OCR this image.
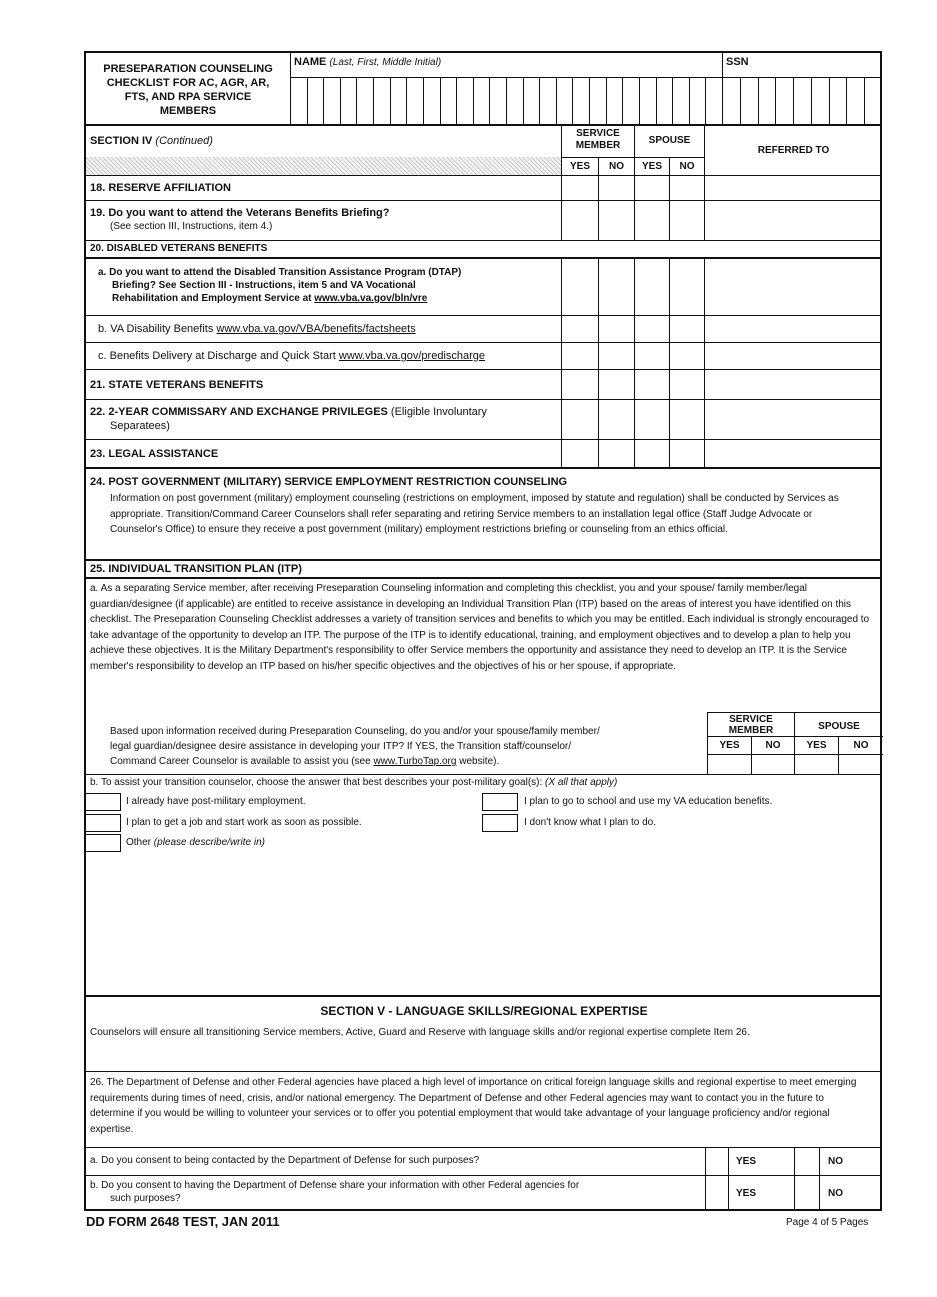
PRESEPARATION COUNSELING
CHECKLIST FOR AC, AGR, AR,
FTS, AND RPA SERVICE
MEMBERS
NAME (Last, First, Middle Initial)	SSN
SECTION IV (Continued)
SERVICE MEMBER	SPOUSE
YES	NO	YES	NO
REFERRED TO
18. RESERVE AFFILIATION
19. Do you want to attend the Veterans Benefits Briefing?
(See section III, Instructions, item 4.)
20. DISABLED VETERANS BENEFITS
a. Do you want to attend the Disabled Transition Assistance Program (DTAP)
Briefing? See Section III - Instructions, item 5 and VA Vocational
Rehabilitation and Employment Service at www.vba.va.gov/bln/vre
b. VA Disability Benefits www.vba.va.gov/VBA/benefits/factsheets
c. Benefits Delivery at Discharge and Quick Start www.vba.va.gov/predischarge
21. STATE VETERANS BENEFITS
22. 2-YEAR COMMISSARY AND EXCHANGE PRIVILEGES (Eligible Involuntary
Separatees)
23. LEGAL ASSISTANCE
24. POST GOVERNMENT (MILITARY) SERVICE EMPLOYMENT RESTRICTION COUNSELING
Information on post government (military) employment counseling (restrictions on employment, imposed by statute and regulation) shall be conducted by Services as appropriate. Transition/Command Career Counselors shall refer separating and retiring Service members to an installation legal office (Staff Judge Advocate or Counselor's Office) to ensure they receive a post government (military) employment restrictions briefing or counseling from an ethics official.
25. INDIVIDUAL TRANSITION PLAN (ITP)
a. As a separating Service member, after receiving Preseparation Counseling information and completing this checklist, you and your spouse/ family member/legal guardian/designee (if applicable) are entitled to receive assistance in developing an Individual Transition Plan (ITP) based on the areas of interest you have identified on this checklist. The Preseparation Counseling Checklist addresses a variety of transition services and benefits to which you may be entitled. Each individual is strongly encouraged to take advantage of the opportunity to develop an ITP. The purpose of the ITP is to identify educational, training, and employment objectives and to develop a plan to help you achieve these objectives. It is the Military Department's responsibility to offer Service members the opportunity and assistance they need to develop an ITP. It is the Service member's responsibility to develop an ITP based on his/her specific objectives and the objectives of his or her spouse, if appropriate.
Based upon information received during Preseparation Counseling, do you and/or your spouse/family member/
legal guardian/designee desire assistance in developing your ITP? If YES, the Transition staff/counselor/
Command Career Counselor is available to assist you (see www.TurboTap.org website).
SERVICE MEMBER	SPOUSE
YES	NO	YES	NO
b. To assist your transition counselor, choose the answer that best describes your post-military goal(s): (X all that apply)
I already have post-military employment.
I plan to get a job and start work as soon as possible.
Other (please describe/write in)
I plan to go to school and use my VA education benefits.
I don't know what I plan to do.
SECTION V - LANGUAGE SKILLS/REGIONAL EXPERTISE
Counselors will ensure all transitioning Service members, Active, Guard and Reserve with language skills and/or regional expertise complete Item 26.
26. The Department of Defense and other Federal agencies have placed a high level of importance on critical foreign language skills and regional expertise to meet emerging requirements during times of need, crisis, and/or national emergency. The Department of Defense and other Federal agencies may want to contact you in the future to determine if you would be willing to volunteer your services or to offer you potential employment that would take advantage of your language proficiency and/or regional expertise.
a. Do you consent to being contacted by the Department of Defense for such purposes?	YES	NO
b. Do you consent to having the Department of Defense share your information with other Federal agencies for
such purposes?	YES	NO
DD FORM 2648 TEST, JAN 2011	Page 4 of 5 Pages
